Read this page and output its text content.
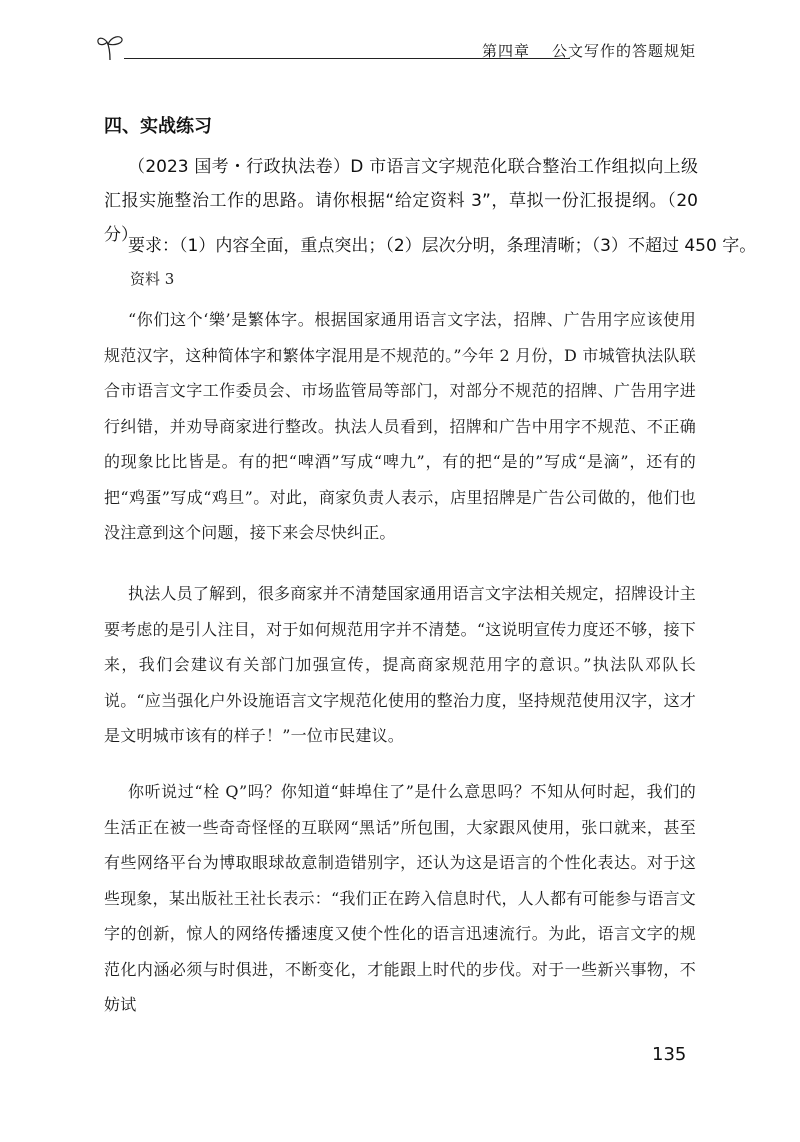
第四章 公文写作的答题规矩
四、实战练习
（2023 国考・行政执法卷）D 市语言文字规范化联合整治工作组拟向上级汇报实施整治工作的思路。请你根据“给定资料 3”，草拟一份汇报提纲。（20 分）
要求：（1）内容全面，重点突出；（2）层次分明，条理清晰；（3）不超过 450 字。
资料 3

“你们这个‘樂’是繁体字。根据国家通用语言文字法，招牌、广告用字应该使用规范汉字，这种简体字和繁体字混用是不规范的。”今年 2 月份，D 市城管执法队联合市语言文字工作委员会、市场监管局等部门，对部分不规范的招牌、广告用字进行纠错，并劝导商家进行整改。执法人员看到，招牌和广告中用字不规范、不正确的现象比比皆是。有的把“啤酒”写成“啤九”，有的把“是的”写成“是滴”，还有的把“鸡蛋”写成“鸡旦”。对此，商家负责人表示，店里招牌是广告公司做的，他们也没注意到这个问题，接下来会尽快纠正。

执法人员了解到，很多商家并不清楚国家通用语言文字法相关规定，招牌设计主要考虑的是引人注目，对于如何规范用字并不清楚。“这说明宣传力度还不够，接下来，我们会建议有关部门加强宣传，提高商家规范用字的意识。”执法队邓队长说。“应当强化户外设施语言文字规范化使用的整治力度，坚持规范使用汉字，这才是文明城市该有的样子！”一位市民建议。

你听说过“栓 Q”吗？你知道“蚌埠住了”是什么意思吗？不知从何时起，我们的生活正在被一些奇奇怪怪的互联网“黑话”所包围，大家跟风使用，张口就来，甚至有些网络平台为博取眼球故意制造错别字，还认为这是语言的个性化表达。对于这些现象，某出版社王社长表示：“我们正在跨入信息时代，人人都有可能参与语言文字的创新，惊人的网络传播速度又使个性化的语言迅速流行。为此，语言文字的规范化内涵必须与时俱进，不断变化，才能跟上时代的步伐。对于一些新兴事物，不妨试

135
